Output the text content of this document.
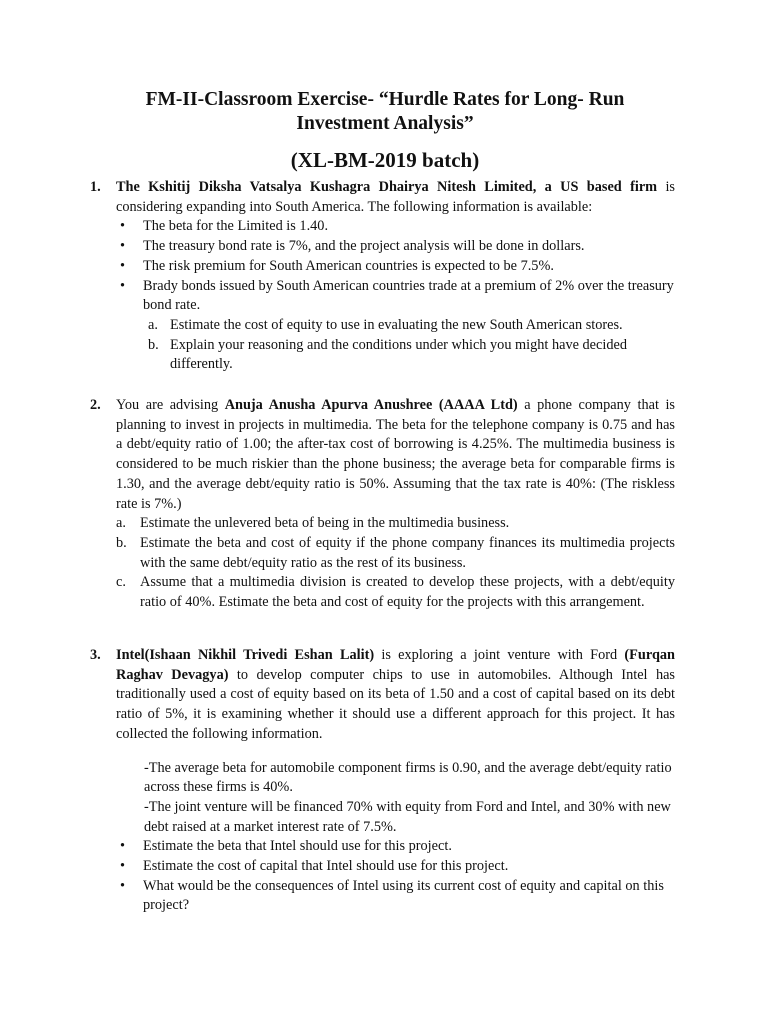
FM-II-Classroom Exercise- “Hurdle Rates for Long- Run
Investment Analysis”
(XL-BM-2019 batch)
1. The Kshitij Diksha Vatsalya Kushagra Dhairya Nitesh Limited, a US based firm is considering expanding into South America. The following information is available:
• The beta for the Limited is 1.40.
• The treasury bond rate is 7%, and the project analysis will be done in dollars.
• The risk premium for South American countries is expected to be 7.5%.
• Brady bonds issued by South American countries trade at a premium of 2% over the treasury bond rate.
a. Estimate the cost of equity to use in evaluating the new South American stores.
b. Explain your reasoning and the conditions under which you might have decided differently.
2. You are advising Anuja Anusha Apurva Anushree (AAAA Ltd) a phone company that is planning to invest in projects in multimedia. The beta for the telephone company is 0.75 and has a debt/equity ratio of 1.00; the after-tax cost of borrowing is 4.25%. The multimedia business is considered to be much riskier than the phone business; the average beta for comparable firms is 1.30, and the average debt/equity ratio is 50%. Assuming that the tax rate is 40%: (The riskless rate is 7%.)
a. Estimate the unlevered beta of being in the multimedia business.
b. Estimate the beta and cost of equity if the phone company finances its multimedia projects with the same debt/equity ratio as the rest of its business.
c. Assume that a multimedia division is created to develop these projects, with a debt/equity ratio of 40%. Estimate the beta and cost of equity for the projects with this arrangement.
3. Intel(Ishaan Nikhil Trivedi Eshan Lalit) is exploring a joint venture with Ford (Furqan Raghav Devagya) to develop computer chips to use in automobiles. Although Intel has traditionally used a cost of equity based on its beta of 1.50 and a cost of capital based on its debt ratio of 5%, it is examining whether it should use a different approach for this project. It has collected the following information.
-The average beta for automobile component firms is 0.90, and the average debt/equity ratio across these firms is 40%.
-The joint venture will be financed 70% with equity from Ford and Intel, and 30% with new debt raised at a market interest rate of 7.5%.
• Estimate the beta that Intel should use for this project.
• Estimate the cost of capital that Intel should use for this project.
• What would be the consequences of Intel using its current cost of equity and capital on this project?
